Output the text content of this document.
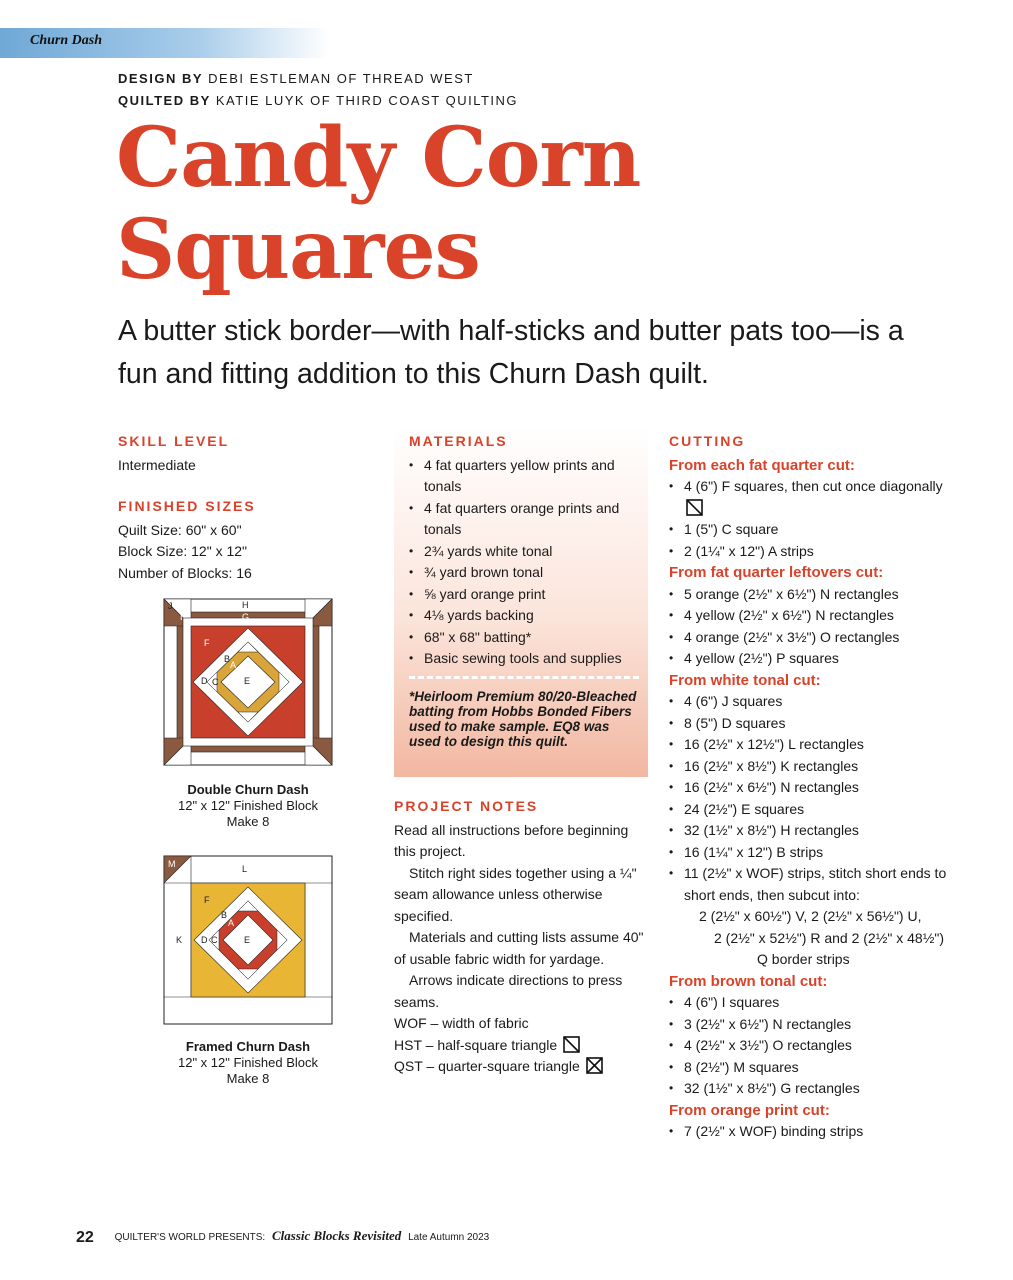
Churn Dash
DESIGN BY DEBI ESTLEMAN OF THREAD WEST
QUILTED BY KATIE LUYK OF THIRD COAST QUILTING
Candy Corn
Squares
A butter stick border—with half-sticks and butter pats too—is a fun and fitting addition to this Churn Dash quilt.
SKILL LEVEL
Intermediate
FINISHED SIZES
Quilt Size: 60" x 60"
Block Size: 12" x 12"
Number of Blocks: 16
J
I
H
G
F
B
A
D C	E
Double Churn Dash
12" x 12" Finished Block
Make 8
M	L
F
B
A
K D C	E
Framed Churn Dash
12" x 12" Finished Block
Make 8
MATERIALS
• 4 fat quarters yellow prints and tonals
• 4 fat quarters orange prints and tonals
• 2¾ yards white tonal
• ¾ yard brown tonal
• ⅝ yard orange print
• 4⅛ yards backing
• 68" x 68" batting*
• Basic sewing tools and supplies
*Heirloom Premium 80/20-Bleached batting from Hobbs Bonded Fibers used to make sample. EQ8 was used to design this quilt.
PROJECT NOTES
Read all instructions before beginning this project.
Stitch right sides together using a ¼" seam allowance unless otherwise specified.
Materials and cutting lists assume 40" of usable fabric width for yardage.
Arrows indicate directions to press seams.
WOF – width of fabric
HST – half-square triangle
QST – quarter-square triangle
CUTTING
From each fat quarter cut:
• 4 (6") F squares, then cut once diagonally
• 1 (5") C square
• 2 (1¼" x 12") A strips
From fat quarter leftovers cut:
• 5 orange (2½" x 6½") N rectangles
• 4 yellow (2½" x 6½") N rectangles
• 4 orange (2½" x 3½") O rectangles
• 4 yellow (2½") P squares
From white tonal cut:
• 4 (6") J squares
• 8 (5") D squares
• 16 (2½" x 12½") L rectangles
• 16 (2½" x 8½") K rectangles
• 16 (2½" x 6½") N rectangles
• 24 (2½") E squares
• 32 (1½" x 8½") H rectangles
• 16 (1¼" x 12") B strips
• 11 (2½" x WOF) strips, stitch short ends to short ends, then subcut into:
2 (2½" x 60½") V, 2 (2½" x 56½") U,
2 (2½" x 52½") R and 2 (2½" x 48½")
Q border strips
From brown tonal cut:
• 4 (6") I squares
• 3 (2½" x 6½") N rectangles
• 4 (2½" x 3½") O rectangles
• 8 (2½") M squares
• 32 (1½" x 8½") G rectangles
From orange print cut:
• 7 (2½" x WOF) binding strips
22 QUILTER'S WORLD PRESENTS: Classic Blocks Revisited Late Autumn 2023
